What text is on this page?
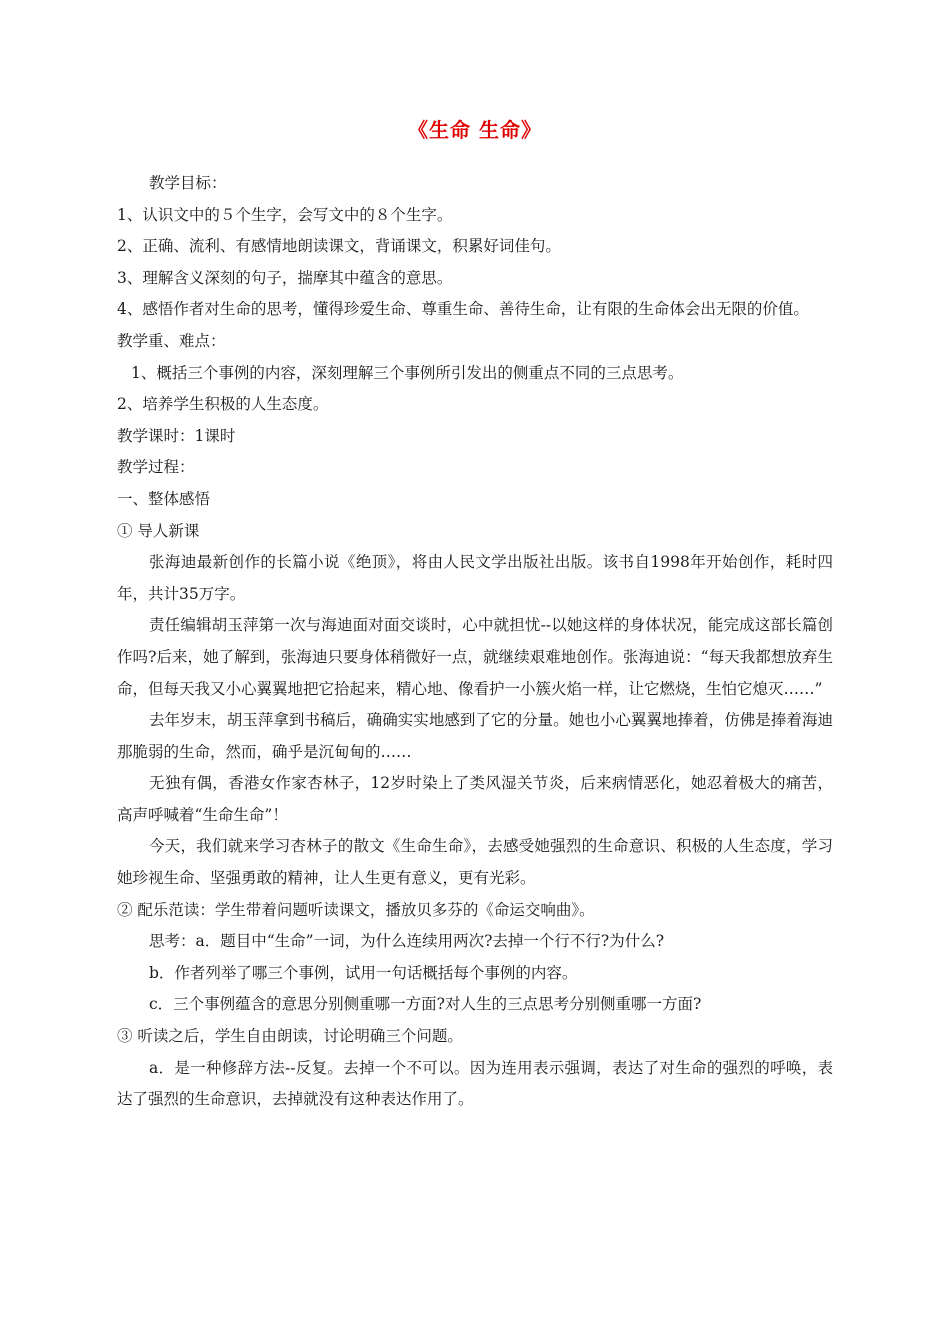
《生命 生命》

教学目标：

1、认识文中的５个生字，会写文中的８个生字。

2、正确、流利、有感情地朗读课文，背诵课文，积累好词佳句。

3、理解含义深刻的句子，揣摩其中蕴含的意思。

4、感悟作者对生命的思考，懂得珍爱生命、尊重生命、善待生命，让有限的生命体会出无限的价值。

教学重、难点：

1、概括三个事例的内容，深刻理解三个事例所引发出的侧重点不同的三点思考。

2、培养学生积极的人生态度。

教学课时：1课时

教学过程：

一、整体感悟

① 导人新课

张海迪最新创作的长篇小说《绝顶》，将由人民文学出版社出版。该书自1998年开始创作，耗时四年，共计35万字。

责任编辑胡玉萍第一次与海迪面对面交谈时，心中就担忧--以她这样的身体状况，能完成这部长篇创作吗?后来，她了解到，张海迪只要身体稍微好一点，就继续艰难地创作。张海迪说：“每天我都想放弃生命，但每天我又小心翼翼地把它拾起来，精心地、像看护一小簇火焰一样，让它燃烧，生怕它熄灭……”

去年岁末，胡玉萍拿到书稿后，确确实实地感到了它的分量。她也小心翼翼地捧着，仿佛是捧着海迪那脆弱的生命，然而，确乎是沉甸甸的……

无独有偶，香港女作家杏林子，12岁时染上了类风湿关节炎，后来病情恶化，她忍着极大的痛苦，高声呼喊着“生命生命”！

今天，我们就来学习杏林子的散文《生命生命》，去感受她强烈的生命意识、积极的人生态度，学习她珍视生命、坚强勇敢的精神，让人生更有意义，更有光彩。

② 配乐范读：学生带着问题听读课文，播放贝多芬的《命运交响曲》。

思考：a．题目中“生命”一词，为什么连续用两次?去掉一个行不行?为什么?

b．作者列举了哪三个事例，试用一句话概括每个事例的内容。

c．三个事例蕴含的意思分别侧重哪一方面?对人生的三点思考分别侧重哪一方面?

③ 听读之后，学生自由朗读，讨论明确三个问题。

a．是一种修辞方法--反复。去掉一个不可以。因为连用表示强调，表达了对生命的强烈的呼唤，表达了强烈的生命意识，去掉就没有这种表达作用了。
